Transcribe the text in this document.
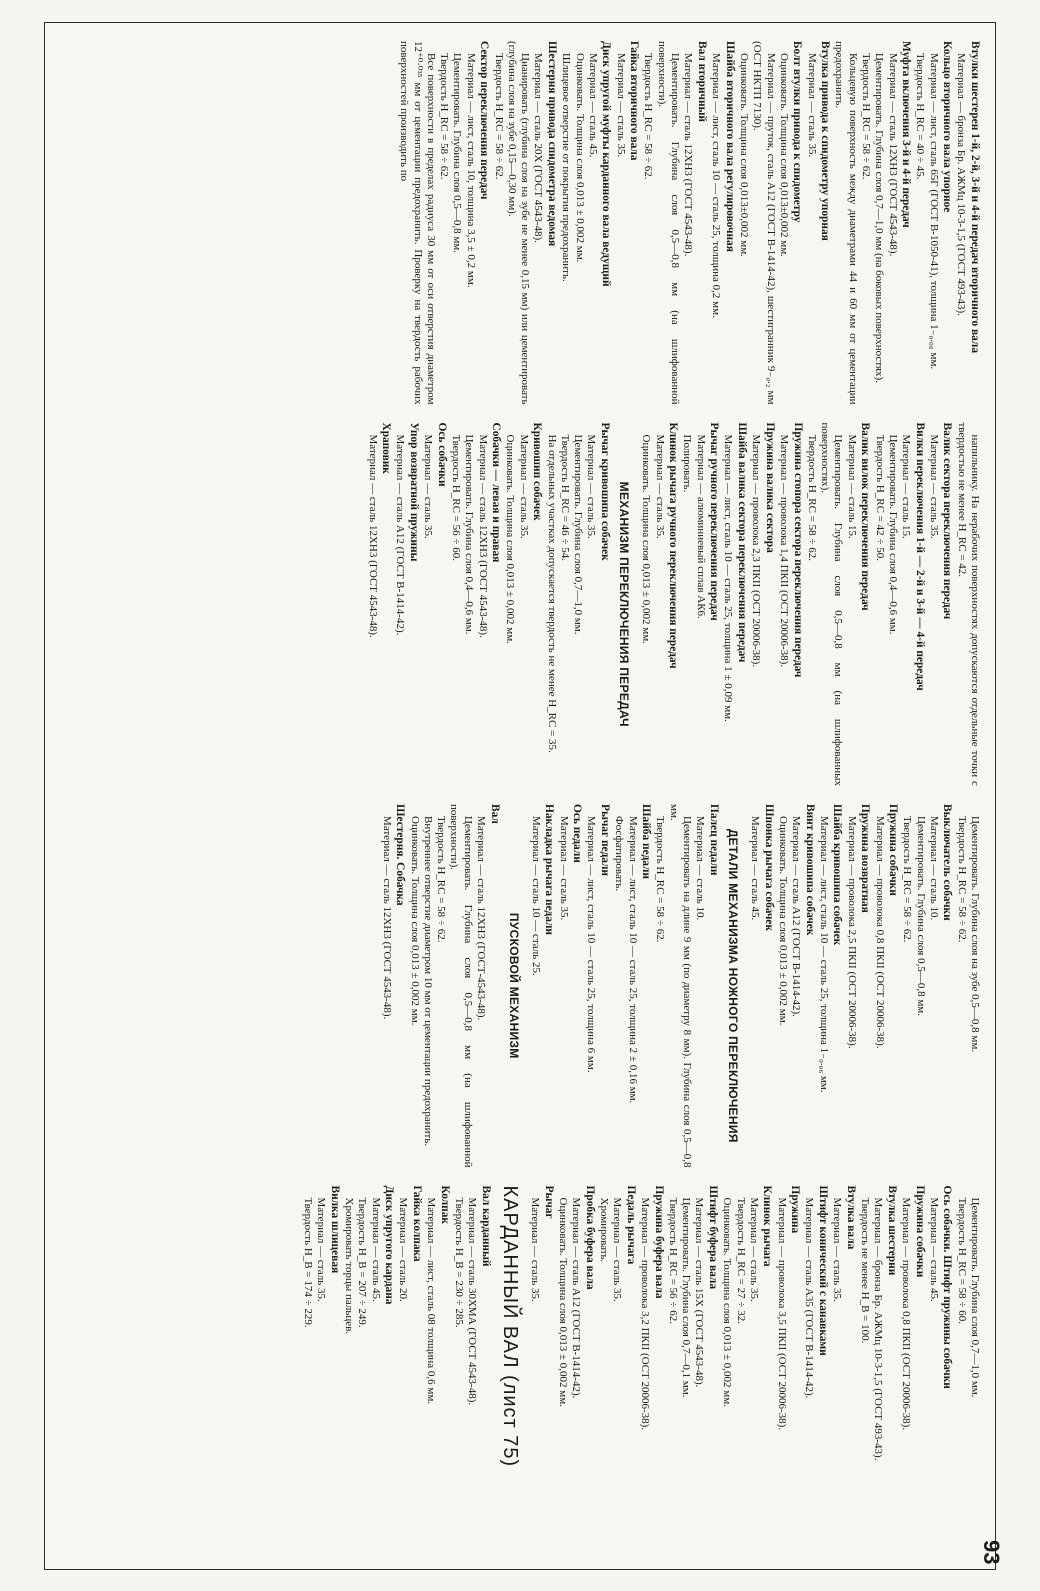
Втулки шестерен 1-й, 2-й, 3-й и 4-й передач вторичного вала
Материал — бронза Бр. АЖМц 10-3-1,5 (ГОСТ 493-43).
Кольцо вторичного вала упорное
Материал — лист, сталь 65Г (ГОСТ В-1050-41), толщина 1₋₀.₀₆ мм.
Твердость H_RC = 40 ÷ 45.
Муфта включения 3-й и 4-й передач
Материал — сталь 12ХН3 (ГОСТ 4543-48).
Цементировать. Глубина слоя 0,7—1,0 мм (на боковых поверхностях).
Твердость H_RC = 58 ÷ 62.
Кольцевую поверхность между диаметрами 44 и 60 мм от цементации предохранить.
Втулка привода к спидометру упорная
Материал — сталь 35.
Болт втулки привода к спидометру
Оцинковать. Толщина слоя 0,013±0,002 мм.
Материал — пруток, сталь А12 (ГОСТ В-1414-42), шестигранник 9₋₀.₂ мм (ОСТ НКТП 7130).
Оцинковать. Толщина слоя 0,013±0,002 мм.
Шайба вторичного вала регулировочная
Материал — лист, сталь 10 — сталь 25, толщина 0,2 мм.
Вал вторичный
Материал — сталь 12ХН3 (ГОСТ 4543-48).
Цементировать. Глубина слоя 0,5—0,8 мм (на шлифованной поверхности).
Твердость H_RC = 58 ÷ 62.
Гайка вторичного вала
Материал — сталь 35.
Диск упругой муфты карданного вала ведущий
Материал — сталь 45.
Оцинковать. Толщина слоя 0,013 ± 0,002 мм.
Шлицевое отверстие от покрытия предохранить.
Шестерня привода спидометра ведомая
Материал — сталь 20Х (ГОСТ 4543-48).
Цианировать (глубина слоя на зубе не менее 0,15 мм) или цементировать (глубина слоя на зубе 0,15—0,30 мм).
Твердость H_RC = 58 ÷ 62.
Сектор переключения передач
Материал — лист, сталь 10, толщина 3,5 ± 0,2 мм.
Цементировать. Глубина слоя 0,5—0,8 мм.
Твердость H_RC = 58 ÷ 62.
Все поверхности в пределах радиуса 30 мм от оси отверстия диаметром 12⁺⁰·⁰³⁵ мм от цементации предохранить. Проверку на твердость рабочих поверхностей производить по
напильнику. На нерабочих поверхностях допускаются отдельные точки с твердостью не менее H_RC = 42.
Валик сектора переключения передач
Материал — сталь 35.
Вилки переключения 1-й — 2-й и 3-й — 4-й передач
Материал — сталь 15.
Цементировать. Глубина слоя 0,4—0,6 мм.
Твердость H_RC = 42 ÷ 50.
Валик вилок переключения передач
Материал — сталь 15.
Цементировать. Глубина слоя 0,5—0,8 мм (на шлифованных поверхностях).
Твердость H_RC = 58 ÷ 62.
Пружина стопора сектора переключения передач
Материал — проволока 1,4 ПКII (ОСТ 20006-38).
Пружина валика сектора
Материал — проволока 2,3 ПКII (ОСТ 20006-38).
Шайба валика сектора переключения передач
Материал — лист, сталь 10 — сталь 25, толщина 1 ± 0,09 мм.
Рычаг ручного переключения передач
Материал — алюминиевый сплав АК6.
Полировать.
Клинок рычага ручного переключения передач
Материал — сталь 35.
Оцинковать. Толщина слоя 0,013 ± 0,002 мм.
МЕХАНИЗМ ПЕРЕКЛЮЧЕНИЯ ПЕРЕДАЧ
Рычаг кривошипа собачек
Материал — сталь 35.
Цементировать. Глубина слоя 0,7—1,0 мм.
Твердость H_RC = 46 ÷ 54.
На отдельных участках допускается твердость не менее H_RC = 35.
Кривошип собачек
Материал — сталь 35.
Оцинковать. Толщина слоя 0,013 ± 0,002 мм.
Собачки — левая и правая
Материал — сталь 12ХН3 (ГОСТ 4543-48).
Цементировать. Глубина слоя 0,4—0,6 мм.
Твердость H_RC = 56 ÷ 60.
Ось собачки
Материал — сталь 35.
Упор возвратной пружины
Материал — сталь А12 (ГОСТ В-1414-42).
Храповик
Материал — сталь 12ХН3 (ГОСТ 4543-48).
Цементировать. Глубина слоя на зубе 0,5—0,8 мм.
Твердость H_RC = 58 ÷ 62.
Выключатель собачки
Материал — сталь 10.
Цементировать. Глубина слоя 0,5—0,8 мм.
Твердость H_RC = 58 ÷ 62.
Пружина собачки
Материал — проволока 0,8 ПКII (ОСТ 20006-38).
Пружина возвратная
Материал — проволока 2,5 ПКII (ОСТ 20006-38).
Шайба кривошипа собачек
Материал — лист, сталь 10 — сталь 25, толщина 1₋₀.₀₆ мм.
Винт кривошипа собачек
Материал — сталь А12 (ГОСТ В-1414-42).
Оцинковать. Толщина слоя 0,013 ± 0,002 мм.
Шпонка рычага собачек
Материал — сталь 45.
ДЕТАЛИ МЕХАНИЗМА НОЖНОГО ПЕРЕКЛЮЧЕНИЯ
Палец педали
Материал — сталь 10.
Цементировать на длине 9 мм (по диаметру 8 мм). Глубина слоя 0,5—0,8 мм.
Твердость H_RC = 58 ÷ 62.
Шайба педали
Материал — лист, сталь 10 — сталь 25, толщина 2 ± 0,16 мм.
Фосфатировать.
Рычаг педали
Материал — лист, сталь 10 — сталь 25, толщина 6 мм.
Ось педали
Материал — сталь 35.
Накладка рычага педали
Материал — сталь 10 — сталь 25.
ПУСКОВОЙ МЕХАНИЗМ
Вал
Материал — сталь 12ХН3 (ГОСТ-4543-48).
Цементировать. Глубина слоя 0,5—0,8 мм (на шлифованной поверхности).
Твердость H_RC = 58 ÷ 62.
Внутреннее отверстие диаметром 10 мм от цементации предохранить.
Оцинковать. Толщина слоя 0,013 ± 0,002 мм.
Шестерня. Собачка
Материал — сталь 12ХН3 (ГОСТ 4543-48).
Цементировать. Глубина слоя 0,7—1,0 мм.
Твердость H_RC = 58 ÷ 60.
Ось собачки. Штифт пружины собачки
Материал — сталь 45.
Пружина собачки
Материал — проволока 0,8 ПКII (ОСТ 20006-38).
Втулка шестерни
Материал — бронза Бр. АЖМц 10-3-1,5 (ГОСТ 493-43).
Твердость не менее H_B = 100.
Втулка вала
Материал — сталь 35.
Штифт конический с канавками
Материал — сталь А35 (ГОСТ В-1414-42).
Пружина
Материал — проволока 3,5 ПКII (ОСТ 20006-38).
Клинок рычага
Материал — сталь 35.
Твердость H_RC = 27 ÷ 32.
Оцинковать. Толщина слоя 0,013 ± 0,002 мм.
Штифт буфера вала
Материал — сталь 15Х (ГОСТ 4543-48).
Цементировать. Глубина слоя 0,7—0,1 мм.
Твердость H_RC = 56 ÷ 62.
Пружина буфера вала
Материал — проволока 3,2 ПКII (ОСТ 20006-38).
Педаль рычага
Материал — сталь 35.
Хромировать.
Пробка буфера вала
Материал — сталь А12 (ГОСТ В-1414-42).
Оцинковать. Толщина слоя 0,013 ± 0,002 мм.
Рычаг
Материал — сталь 35.
КАРДАННЫЙ ВАЛ (лист 75)
Вал карданный
Материал — сталь 30ХМА (ГОСТ 4543-48).
Твердость H_B = 230 ÷ 285.
Колпак
Материал — лист, сталь 08 толщина 0,6 мм.
Гайка колпака
Материал — сталь 20.
Диск упругого кардана
Материал — сталь 45.
Твердость H_B = 207 ÷ 249.
Хромировать торцы пальцев.
Вилка шлицевая
Материал — сталь 35.
Твердость H_B = 174 ÷ 229.
93
